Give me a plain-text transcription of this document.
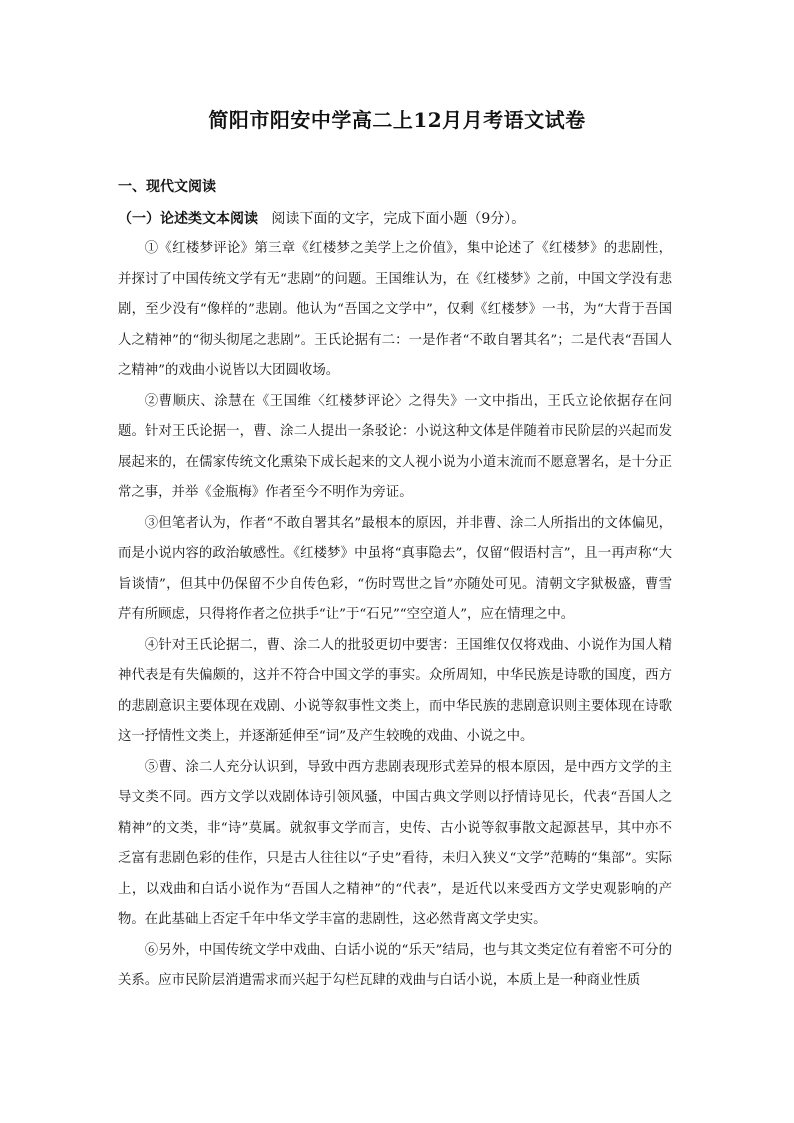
简阳市阳安中学高二上12月月考语文试卷
一、现代文阅读
（一）论述类文本阅读 阅读下面的文字，完成下面小题（9分）。

①《红楼梦评论》第三章《红楼梦之美学上之价值》，集中论述了《红楼梦》的悲剧性，并探讨了中国传统文学有无“悲剧”的问题。王国维认为，在《红楼梦》之前，中国文学没有悲剧，至少没有“像样的”悲剧。他认为“吾国之文学中”，仅剩《红楼梦》一书，为“大背于吾国人之精神”的“彻头彻尾之悲剧”。王氏论据有二：一是作者“不敢自署其名”；二是代表“吾国人之精神”的戏曲小说皆以大团圆收场。

②曹顺庆、涂慧在《王国维〈红楼梦评论〉之得失》一文中指出，王氏立论依据存在问题。针对王氏论据一，曹、涂二人提出一条驳论：小说这种文体是伴随着市民阶层的兴起而发展起来的，在儒家传统文化熏染下成长起来的文人视小说为小道末流而不愿意署名，是十分正常之事，并举《金瓶梅》作者至今不明作为旁证。

③但笔者认为，作者“不敢自署其名”最根本的原因，并非曹、涂二人所指出的文体偏见，而是小说内容的政治敏感性。《红楼梦》中虽将“真事隐去”，仅留“假语村言”，且一再声称“大旨谈情”，但其中仍保留不少自传色彩，“伤时骂世之旨”亦随处可见。清朝文字狱极盛，曹雪芹有所顾虑，只得将作者之位拱手“让”于“石兄”“空空道人”，应在情理之中。

④针对王氏论据二，曹、涂二人的批驳更切中要害：王国维仅仅将戏曲、小说作为国人精神代表是有失偏颇的，这并不符合中国文学的事实。众所周知，中华民族是诗歌的国度，西方的悲剧意识主要体现在戏剧、小说等叙事性文类上，而中华民族的悲剧意识则主要体现在诗歌这一抒情性文类上，并逐渐延伸至“词”及产生较晚的戏曲、小说之中。

⑤曹、涂二人充分认识到，导致中西方悲剧表现形式差异的根本原因，是中西方文学的主导文类不同。西方文学以戏剧体诗引领风骚，中国古典文学则以抒情诗见长，代表“吾国人之精神”的文类，非“诗”莫属。就叙事文学而言，史传、古小说等叙事散文起源甚早，其中亦不乏富有悲剧色彩的佳作，只是古人往往以“子史”看待，未归入狭义“文学”范畴的“集部”。实际上，以戏曲和白话小说作为“吾国人之精神”的“代表”，是近代以来受西方文学史观影响的产物。在此基础上否定千年中华文学丰富的悲剧性，这必然背离文学史实。

⑥另外，中国传统文学中戏曲、白话小说的“乐天”结局，也与其文类定位有着密不可分的关系。应市民阶层消遣需求而兴起于勾栏瓦肆的戏曲与白话小说，本质上是一种商业性质
